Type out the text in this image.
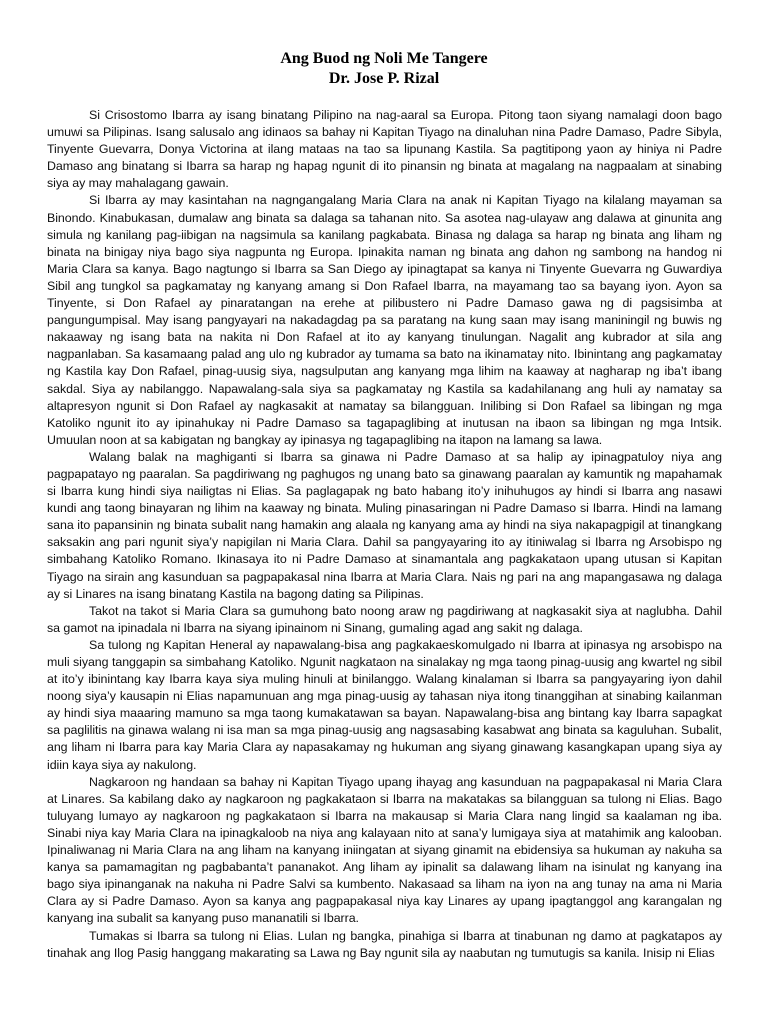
Ang Buod ng Noli Me Tangere
Dr. Jose P. Rizal

Si Crisostomo Ibarra ay isang binatang Pilipino na nag-aaral sa Europa. Pitong taon siyang namalagi doon bago umuwi sa Pilipinas. Isang salusalo ang idinaos sa bahay ni Kapitan Tiyago na dinaluhan nina Padre Damaso, Padre Sibyla, Tinyente Guevarra, Donya Victorina at ilang mataas na tao sa lipunang Kastila. Sa pagtitipong yaon ay hiniya ni Padre Damaso ang binatang si Ibarra sa harap ng hapag ngunit di ito pinansin ng binata at magalang na nagpaalam at sinabing siya ay may mahalagang gawain.

Si Ibarra ay may kasintahan na nagngangalang Maria Clara na anak ni Kapitan Tiyago na kilalang mayaman sa Binondo. Kinabukasan, dumalaw ang binata sa dalaga sa tahanan nito. Sa asotea nag-ulayaw ang dalawa at ginunita ang simula ng kanilang pag-iibigan na nagsimula sa kanilang pagkabata. Binasa ng dalaga sa harap ng binata ang liham ng binata na binigay niya bago siya nagpunta ng Europa. Ipinakita naman ng binata ang dahon ng sambong na handog ni Maria Clara sa kanya. Bago nagtungo si Ibarra sa San Diego ay ipinagtapat sa kanya ni Tinyente Guevarra ng Guwardiya Sibil ang tungkol sa pagkamatay ng kanyang amang si Don Rafael Ibarra, na mayamang tao sa bayang iyon. Ayon sa Tinyente, si Don Rafael ay pinaratangan na erehe at pilibustero ni Padre Damaso gawa ng di pagsisimba at pangungumpisal. May isang pangyayari na nakadagdag pa sa paratang na kung saan may isang maniningil ng buwis ng nakaaway ng isang bata na nakita ni Don Rafael at ito ay kanyang tinulungan. Nagalit ang kubrador at sila ang nagpanlaban. Sa kasamaang palad ang ulo ng kubrador ay tumama sa bato na ikinamatay nito. Ibinintang ang pagkamatay ng Kastila kay Don Rafael, pinag-uusig siya, nagsulputan ang kanyang mga lihim na kaaway at nagharap ng iba’t ibang sakdal. Siya ay nabilanggo. Napawalang-sala siya sa pagkamatay ng Kastila sa kadahilanang ang huli ay namatay sa altapresyon ngunit si Don Rafael ay nagkasakit at namatay sa bilangguan. Inilibing si Don Rafael sa libingan ng mga Katoliko ngunit ito ay ipinahukay ni Padre Damaso sa tagapaglibing at inutusan na ibaon sa libingan ng mga Intsik. Umuulan noon at sa kabigatan ng bangkay ay ipinasya ng tagapaglibing na itapon na lamang sa lawa.

Walang balak na maghiganti si Ibarra sa ginawa ni Padre Damaso at sa halip ay ipinagpatuloy niya ang pagpapatayo ng paaralan. Sa pagdiriwang ng paghugos ng unang bato sa ginawang paaralan ay kamuntik ng mapahamak si Ibarra kung hindi siya nailigtas ni Elias. Sa paglagapak ng bato habang ito’y inihuhugos ay hindi si Ibarra ang nasawi kundi ang taong binayaran ng lihim na kaaway ng binata. Muling pinasaringan ni Padre Damaso si Ibarra. Hindi na lamang sana ito papansinin ng binata subalit nang hamakin ang alaala ng kanyang ama ay hindi na siya nakapagpigil at tinangkang saksakin ang pari ngunit siya’y napigilan ni Maria Clara. Dahil sa pangyayaring ito ay itiniwalag si Ibarra ng Arsobispo ng simbahang Katoliko Romano. Ikinasaya ito ni Padre Damaso at sinamantala ang pagkakataon upang utusan si Kapitan Tiyago na sirain ang kasunduan sa pagpapakasal nina Ibarra at Maria Clara. Nais ng pari na ang mapangasawa ng dalaga ay si Linares na isang binatang Kastila na bagong dating sa Pilipinas.

Takot na takot si Maria Clara sa gumuhong bato noong araw ng pagdiriwang at nagkasakit siya at naglubha. Dahil sa gamot na ipinadala ni Ibarra na siyang ipinainom ni Sinang, gumaling agad ang sakit ng dalaga.

Sa tulong ng Kapitan Heneral ay napawalang-bisa ang pagkakaeskomulgado ni Ibarra at ipinasya ng arsobispo na muli siyang tanggapin sa simbahang Katoliko. Ngunit nagkataon na sinalakay ng mga taong pinag-uusig ang kwartel ng sibil at ito’y ibinintang kay Ibarra kaya siya muling hinuli at binilanggo. Walang kinalaman si Ibarra sa pangyayaring iyon dahil noong siya’y kausapin ni Elias napamunuan ang mga pinag-uusig ay tahasan niya itong tinanggihan at sinabing kailanman ay hindi siya maaaring mamuno sa mga taong kumakatawan sa bayan. Napawalang-bisa ang bintang kay Ibarra sapagkat sa paglilitis na ginawa walang ni isa man sa mga pinag-uusig ang nagsasabing kasabwat ang binata sa kaguluhan. Subalit, ang liham ni Ibarra para kay Maria Clara ay napasakamay ng hukuman ang siyang ginawang kasangkapan upang siya ay idiin kaya siya ay nakulong.

Nagkaroon ng handaan sa bahay ni Kapitan Tiyago upang ihayag ang kasunduan na pagpapakasal ni Maria Clara at Linares. Sa kabilang dako ay nagkaroon ng pagkakataon si Ibarra na makatakas sa bilangguan sa tulong ni Elias. Bago tuluyang lumayo ay nagkaroon ng pagkakataon si Ibarra na makausap si Maria Clara nang lingid sa kaalaman ng iba. Sinabi niya kay Maria Clara na ipinagkaloob na niya ang kalayaan nito at sana’y lumigaya siya at matahimik ang kalooban. Ipinaliwanag ni Maria Clara na ang liham na kanyang iniingatan at siyang ginamit na ebidensiya sa hukuman ay nakuha sa kanya sa pamamagitan ng pagbabanta’t pananakot. Ang liham ay ipinalit sa dalawang liham na isinulat ng kanyang ina bago siya ipinanganak na nakuha ni Padre Salvi sa kumbento. Nakasaad sa liham na iyon na ang tunay na ama ni Maria Clara ay si Padre Damaso. Ayon sa kanya ang pagpapakasal niya kay Linares ay upang ipagtanggol ang karangalan ng kanyang ina subalit sa kanyang puso mananatili si Ibarra.

Tumakas si Ibarra sa tulong ni Elias. Lulan ng bangka, pinahiga si Ibarra at tinabunan ng damo at pagkatapos ay tinahak ang Ilog Pasig hanggang makarating sa Lawa ng Bay ngunit sila ay naabutan ng tumutugis sa kanila. Inisip ni Elias
